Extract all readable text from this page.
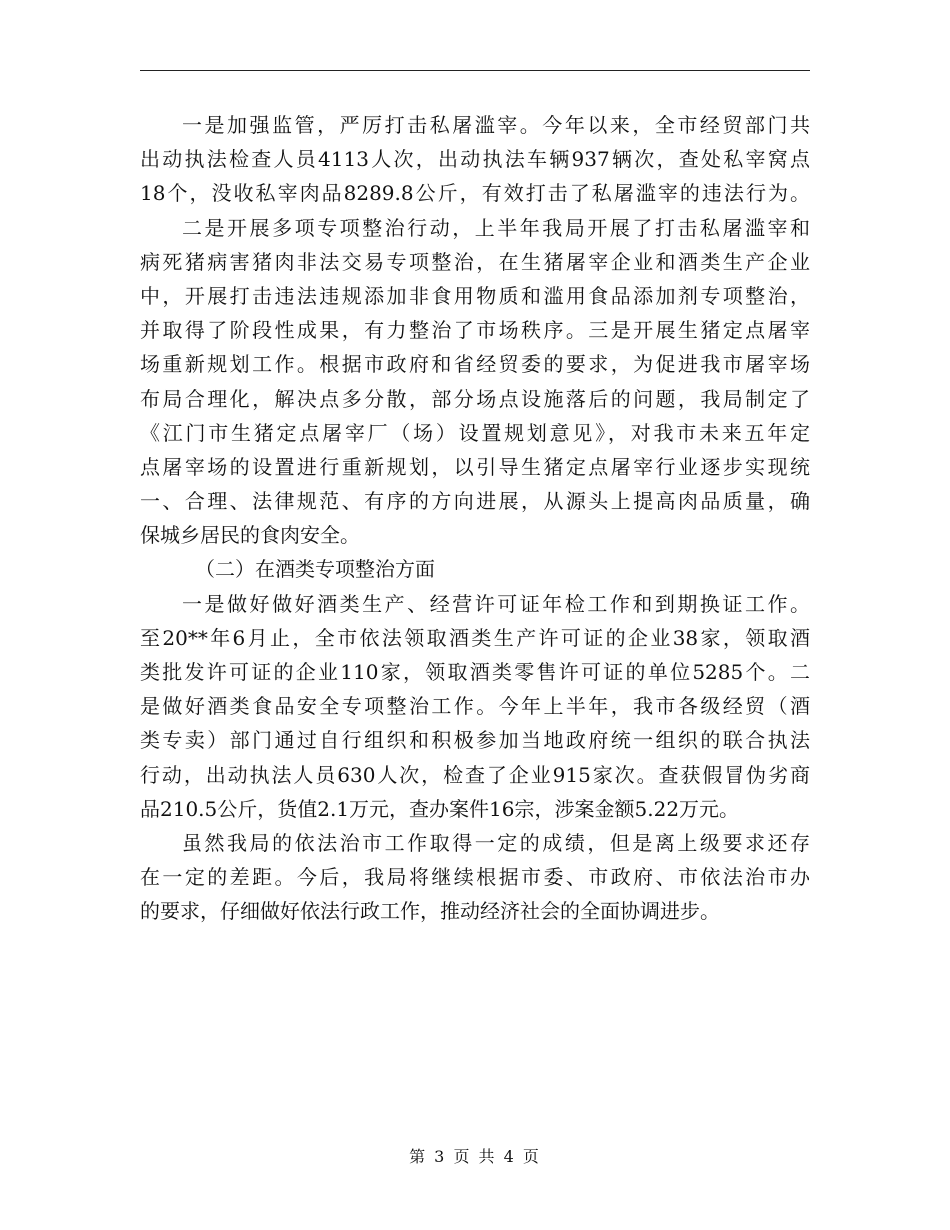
一是加强监管，严厉打击私屠滥宰。今年以来，全市经贸部门共
出动执法检查人员4113人次，出动执法车辆937辆次，查处私宰窝点
18个，没收私宰肉品8289.8公斤，有效打击了私屠滥宰的违法行为。
二是开展多项专项整治行动，上半年我局开展了打击私屠滥宰和
病死猪病害猪肉非法交易专项整治，在生猪屠宰企业和酒类生产企业
中，开展打击违法违规添加非食用物质和滥用食品添加剂专项整治，
并取得了阶段性成果，有力整治了市场秩序。三是开展生猪定点屠宰
场重新规划工作。根据市政府和省经贸委的要求，为促进我市屠宰场
布局合理化，解决点多分散，部分场点设施落后的问题，我局制定了
《江门市生猪定点屠宰厂（场）设置规划意见》，对我市未来五年定
点屠宰场的设置进行重新规划，以引导生猪定点屠宰行业逐步实现统
一、合理、法律规范、有序的方向进展，从源头上提高肉品质量，确
保城乡居民的食肉安全。
（二）在酒类专项整治方面
一是做好做好酒类生产、经营许可证年检工作和到期换证工作。
至20**年6月止，全市依法领取酒类生产许可证的企业38家，领取酒
类批发许可证的企业110家，领取酒类零售许可证的单位5285个。二
是做好酒类食品安全专项整治工作。今年上半年，我市各级经贸（酒
类专卖）部门通过自行组织和积极参加当地政府统一组织的联合执法
行动，出动执法人员630人次，检查了企业915家次。查获假冒伪劣商
品210.5公斤，货值2.1万元，查办案件16宗，涉案金额5.22万元。
虽然我局的依法治市工作取得一定的成绩，但是离上级要求还存
在一定的差距。今后，我局将继续根据市委、市政府、市依法治市办
的要求，仔细做好依法行政工作，推动经济社会的全面协调进步。
第 3 页 共 4 页
